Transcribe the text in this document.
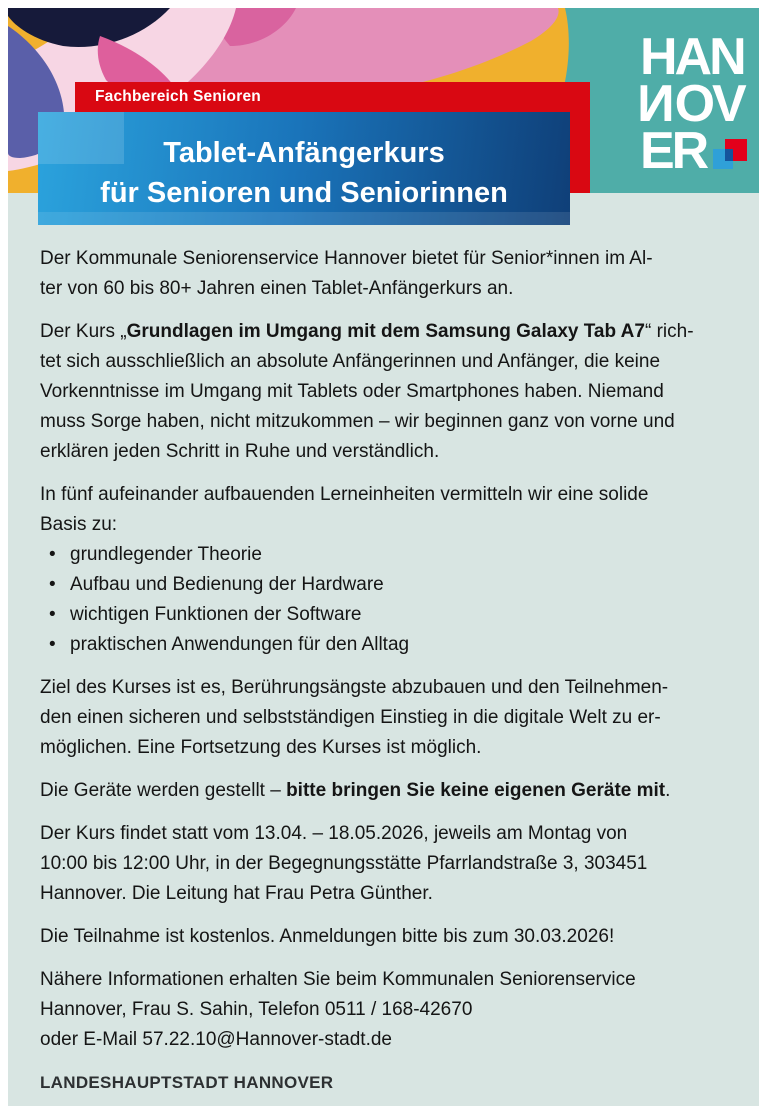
HAN
NOV
ER
Fachbereich Senioren
Tablet-Anfängerkurs
für Senioren und Seniorinnen

Der Kommunale Seniorenservice Hannover bietet für Senior*innen im Al-
ter von 60 bis 80+ Jahren einen Tablet-Anfängerkurs an.

Der Kurs „Grundlagen im Umgang mit dem Samsung Galaxy Tab A7“ rich-
tet sich ausschließlich an absolute Anfängerinnen und Anfänger, die keine
Vorkenntnisse im Umgang mit Tablets oder Smartphones haben. Niemand
muss Sorge haben, nicht mitzukommen – wir beginnen ganz von vorne und
erklären jeden Schritt in Ruhe und verständlich.

In fünf aufeinander aufbauenden Lerneinheiten vermitteln wir eine solide
Basis zu:

• grundlegender Theorie
• Aufbau und Bedienung der Hardware
• wichtigen Funktionen der Software
• praktischen Anwendungen für den Alltag

Ziel des Kurses ist es, Berührungsängste abzubauen und den Teilnehmen-
den einen sicheren und selbstständigen Einstieg in die digitale Welt zu er-
möglichen. Eine Fortsetzung des Kurses ist möglich.

Die Geräte werden gestellt – bitte bringen Sie keine eigenen Geräte mit.

Der Kurs findet statt vom 13.04. – 18.05.2026, jeweils am Montag von
10:00 bis 12:00 Uhr, in der Begegnungsstätte Pfarrlandstraße 3, 303451
Hannover. Die Leitung hat Frau Petra Günther.

Die Teilnahme ist kostenlos. Anmeldungen bitte bis zum 30.03.2026!

Nähere Informationen erhalten Sie beim Kommunalen Seniorenservice
Hannover, Frau S. Sahin, Telefon 0511 / 168-42670
oder E-Mail 57.22.10@Hannover-stadt.de

LANDESHAUPTSTADT HANNOVER
